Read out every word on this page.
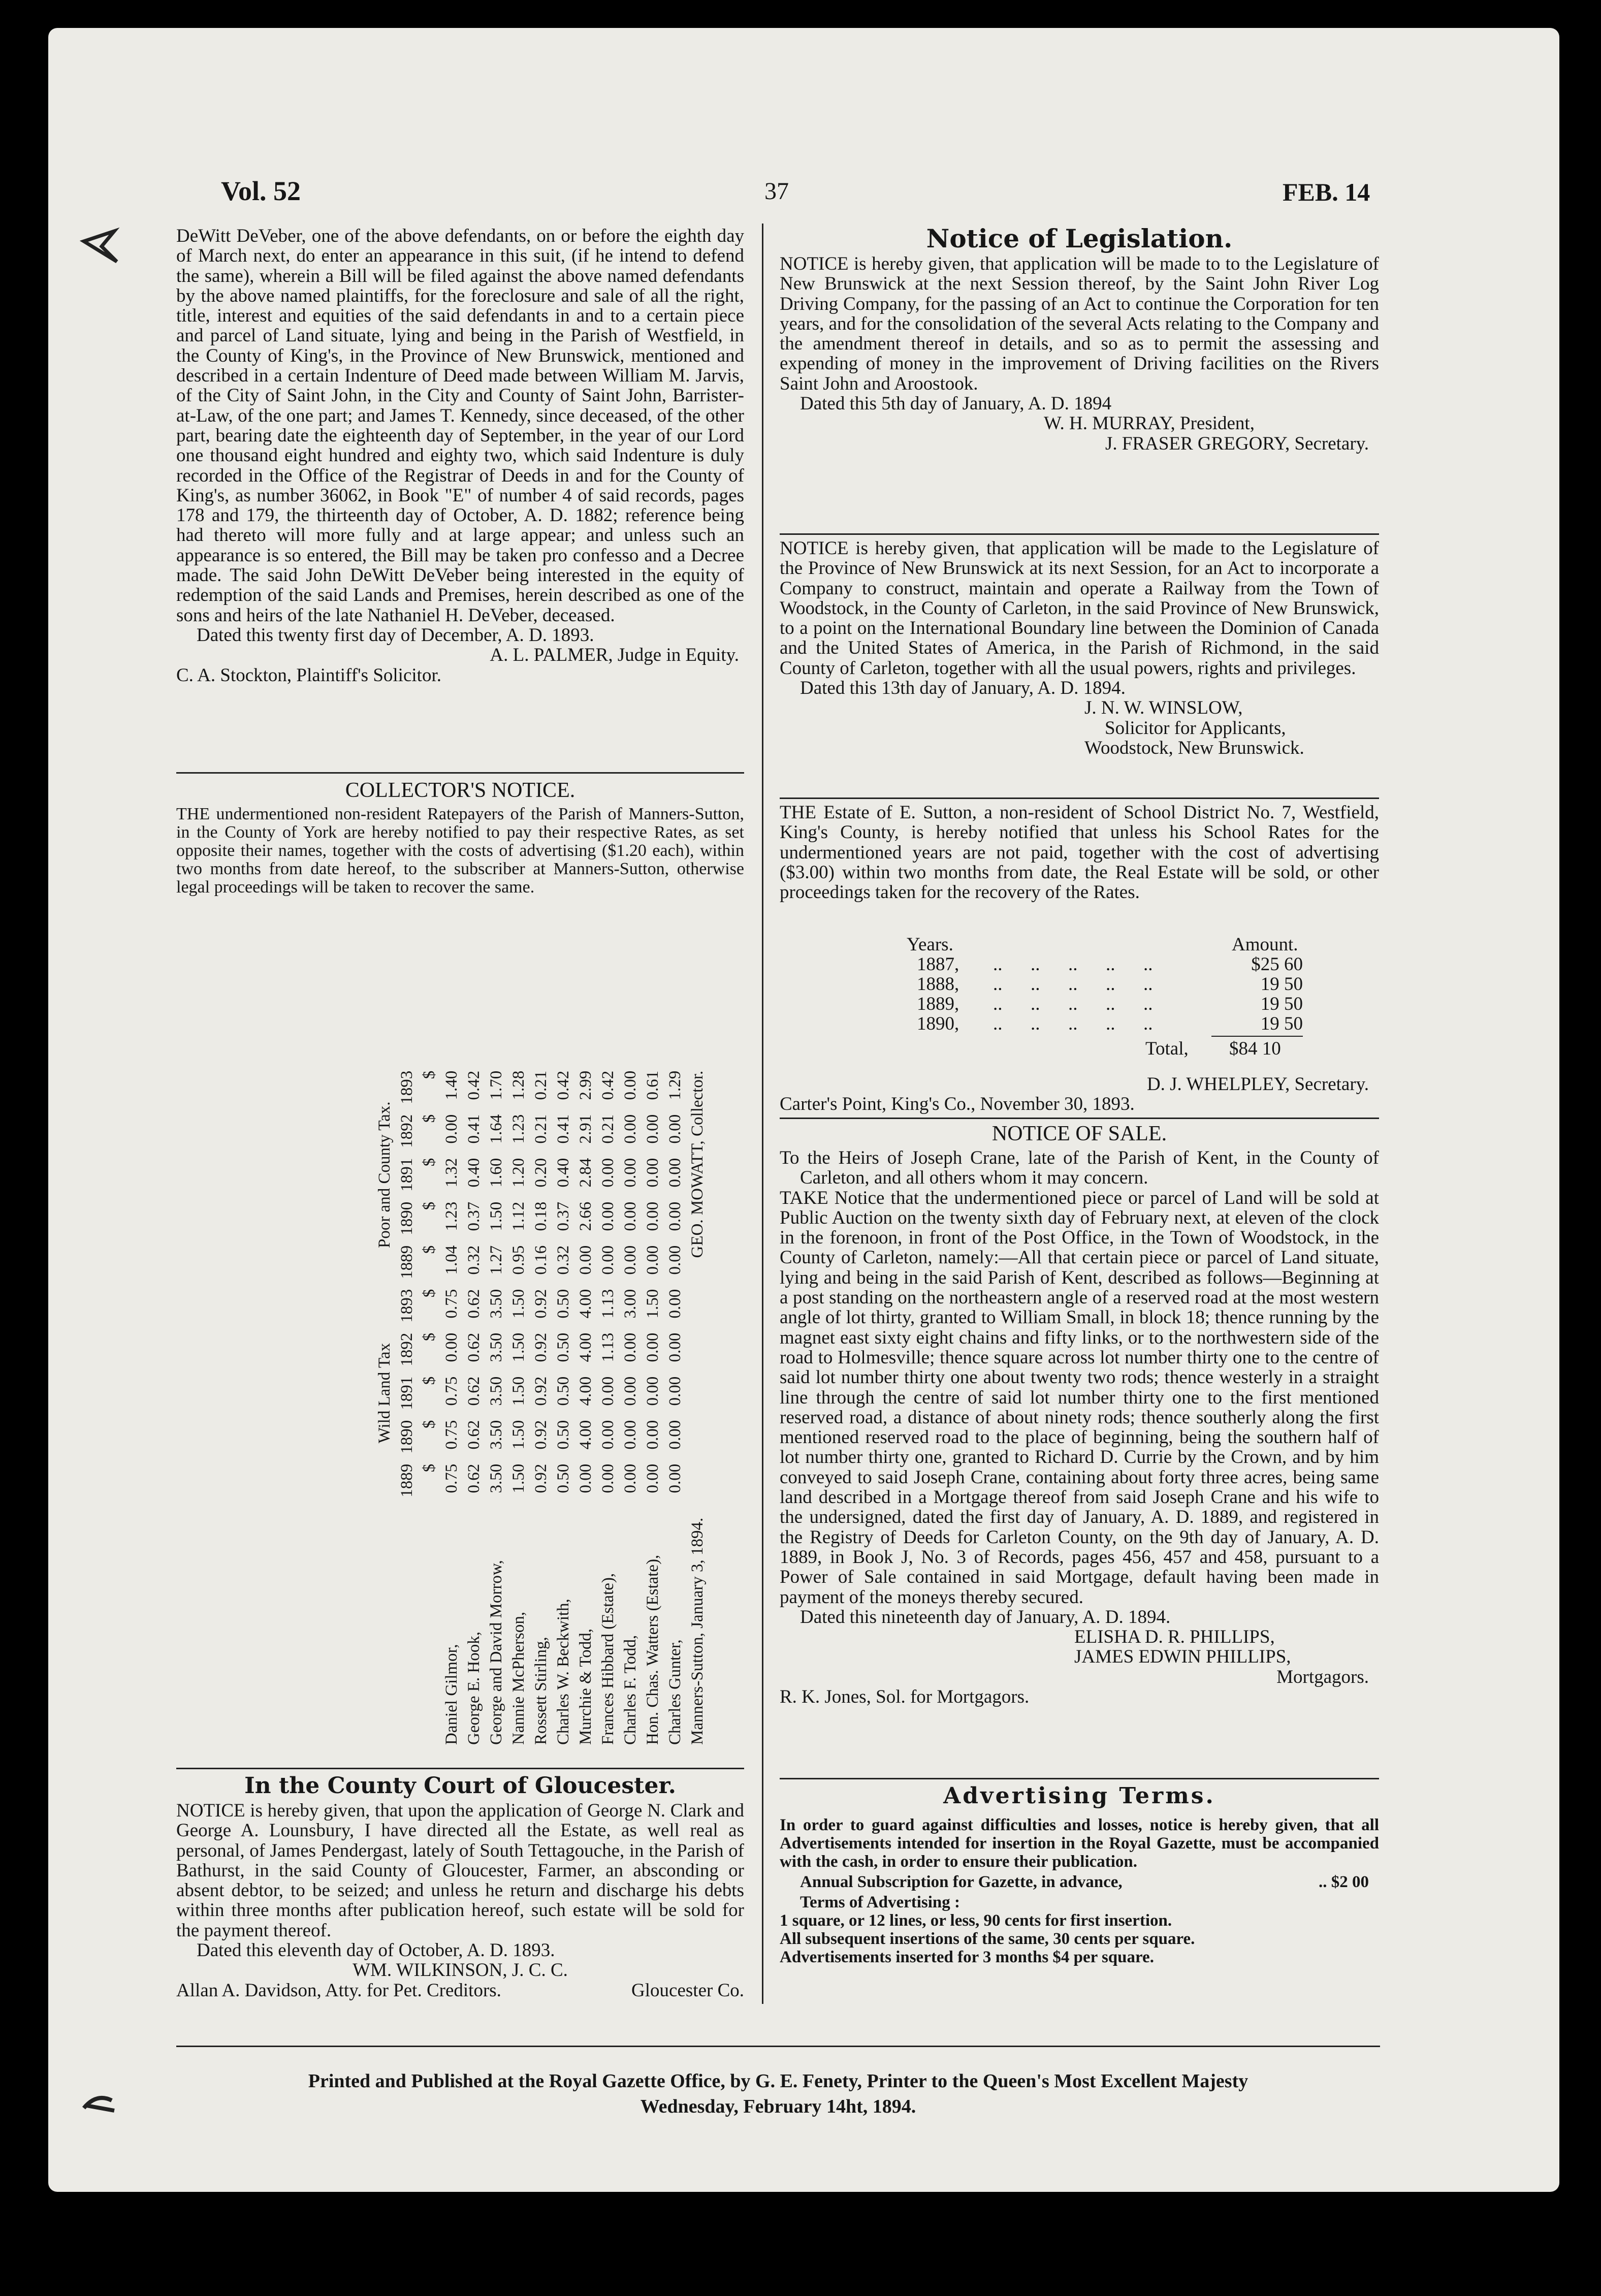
Vol. 52	37	FEB. 14

DeWitt DeVeber, one of the above defendants, on or before the eighth day of March next, do enter an appearance in this suit, (if he intend to defend the same), wherein a Bill will be filed against the above named defendants by the above named plaintiffs, for the foreclosure and sale of all the right, title, interest and equities of the said defendants in and to a certain piece and parcel of Land situate, lying and being in the Parish of Westfield, in the County of King's, in the Province of New Brunswick, mentioned and described in a certain Indenture of Deed made between William M. Jarvis, of the City of Saint John, in the City and County of Saint John, Barrister-at-Law, of the one part; and James T. Kennedy, since deceased, of the other part, bearing date the eighteenth day of September, in the year of our Lord one thousand eight hundred and eighty two, which said Indenture is duly recorded in the Office of the Registrar of Deeds in and for the County of King's, as number 36062, in Book "E" of number 4 of said records, pages 178 and 179, the thirteenth day of October, A. D. 1882; reference being had thereto will more fully and at large appear; and unless such an appearance is so entered, the Bill may be taken pro confesso and a Decree made. The said John DeWitt DeVeber being interested in the equity of redemption of the said Lands and Premises, herein described as one of the sons and heirs of the late Nathaniel H. DeVeber, deceased.

Dated this twenty first day of December, A. D. 1893.

A. L. PALMER, Judge in Equity.

C. A. Stockton, Plaintiff's Solicitor.

COLLECTOR'S NOTICE.
THE undermentioned non-resident Ratepayers of the Parish of Manners-Sutton, in the County of York are hereby notified to pay their respective Rates, as set opposite their names, together with the costs of advertising ($1.20 each), within two months from date hereof, to the subscriber at Manners-Sutton, otherwise legal proceedings will be taken to recover the same.
	Wild Land Tax					Poor and County Tax.				
	1889	1890	1891	1892	1893	1889	1890	1891	1892	1893
	$	$	$	$	$	$	$	$	$	$
Daniel Gilmor,	0.75	0.75	0.75	0.00	0.75	1.04	1.23	1.32	0.00	1.40
George E. Hook,	0.62	0.62	0.62	0.62	0.62	0.32	0.37	0.40	0.41	0.42
George and David Morrow,	3.50	3.50	3.50	3.50	3.50	1.27	1.50	1.60	1.64	1.70
Nannie McPherson,	1.50	1.50	1.50	1.50	1.50	0.95	1.12	1.20	1.23	1.28
Rossett Stirling,	0.92	0.92	0.92	0.92	0.92	0.16	0.18	0.20	0.21	0.21
Charles W. Beckwith,	0.50	0.50	0.50	0.50	0.50	0.32	0.37	0.40	0.41	0.42
Murchie & Todd,	0.00	4.00	4.00	4.00	4.00	0.00	2.66	2.84	2.91	2.99
Frances Hibbard (Estate),	0.00	0.00	0.00	1.13	1.13	0.00	0.00	0.00	0.21	0.42
Charles F. Todd,	0.00	0.00	0.00	0.00	3.00	0.00	0.00	0.00	0.00	0.00
Hon. Chas. Watters (Estate),	0.00	0.00	0.00	0.00	1.50	0.00	0.00	0.00	0.00	0.61
Charles Gunter,	0.00	0.00	0.00	0.00	0.00	0.00	0.00	0.00	0.00	1.29
Manners-Sutton, January 3, 1894.	GEO. MOWATT, Collector.									
In the County Court of Gloucester.

NOTICE is hereby given, that upon the application of George N. Clark and George A. Lounsbury, I have directed all the Estate, as well real as personal, of James Pendergast, lately of South Tettagouche, in the Parish of Bathurst, in the said County of Gloucester, Farmer, an absconding or absent debtor, to be seized; and unless he return and discharge his debts within three months after publication hereof, such estate will be sold for the payment thereof.

Dated this eleventh day of October, A. D. 1893.

WM. WILKINSON, J. C. C.

Allan A. Davidson, Atty. for Pet. Creditors.	Gloucester Co.

Notice of Legislation.

NOTICE is hereby given, that application will be made to to the Legislature of New Brunswick at the next Session thereof, by the Saint John River Log Driving Company, for the passing of an Act to continue the Corporation for ten years, and for the consolidation of the several Acts relating to the Company and the amendment thereof in details, and so as to permit the assessing and expending of money in the improvement of Driving facilities on the Rivers Saint John and Aroostook.

Dated this 5th day of January, A. D. 1894

W. H. MURRAY, President,

J. FRASER GREGORY, Secretary.

NOTICE is hereby given, that application will be made to the Legislature of the Province of New Brunswick at its next Session, for an Act to incorporate a Company to construct, maintain and operate a Railway from the Town of Woodstock, in the County of Carleton, in the said Province of New Brunswick, to a point on the International Boundary line between the Dominion of Canada and the United States of America, in the Parish of Richmond, in the said County of Carleton, together with all the usual powers, rights and privileges.

Dated this 13th day of January, A. D. 1894.

J. N. W. WINSLOW,

Solicitor for Applicants,

Woodstock, New Brunswick.

THE Estate of E. Sutton, a non-resident of School District No. 7, Westfield, King's County, is hereby notified that unless his School Rates for the undermentioned years are not paid, together with the cost of advertising ($3.00) within two months from date, the Real Estate will be sold, or other proceedings taken for the recovery of the Rates.

Years.	Amount.
1887, ..      ..      ..      ..      ..	$25 60
1888, ..      ..      ..      ..      ..	19 50
1889, ..      ..      ..      ..      ..	19 50
1890, ..      ..      ..      ..      ..	19 50
Total, $84 10
D. J. WHELPLEY, Secretary.
Carter's Point, King's Co., November 30, 1893.
NOTICE OF SALE.

To the Heirs of Joseph Crane, late of the Parish of Kent, in the County of Carleton, and all others whom it may concern.

TAKE Notice that the undermentioned piece or parcel of Land will be sold at Public Auction on the twenty sixth day of February next, at eleven of the clock in the forenoon, in front of the Post Office, in the Town of Woodstock, in the County of Carleton, namely:—All that certain piece or parcel of Land situate, lying and being in the said Parish of Kent, described as follows—Beginning at a post standing on the northeastern angle of a reserved road at the most western angle of lot thirty, granted to William Small, in block 18; thence running by the magnet east sixty eight chains and fifty links, or to the northwestern side of the road to Holmesville; thence square across lot number thirty one to the centre of said lot number thirty one about twenty two rods; thence westerly in a straight line through the centre of said lot number thirty one to the first mentioned reserved road, a distance of about ninety rods; thence southerly along the first mentioned reserved road to the place of beginning, being the southern half of lot number thirty one, granted to Richard D. Currie by the Crown, and by him conveyed to said Joseph Crane, containing about forty three acres, being same land described in a Mortgage thereof from said Joseph Crane and his wife to the undersigned, dated the first day of January, A. D. 1889, and registered in the Registry of Deeds for Carleton County, on the 9th day of January, A. D. 1889, in Book J, No. 3 of Records, pages 456, 457 and 458, pursuant to a Power of Sale contained in said Mortgage, default having been made in payment of the moneys thereby secured.

Dated this nineteenth day of January, A. D. 1894.

ELISHA D. R. PHILLIPS,

JAMES EDWIN PHILLIPS,

Mortgagors.

R. K. Jones, Sol. for Mortgagors.

Advertising Terms.
In order to guard against difficulties and losses, notice is hereby given, that all Advertisements intended for insertion in the Royal Gazette, must be accompanied with the cash, in order to ensure their publication.
Annual Subscription for Gazette, in advance,	.. $2 00
Terms of Advertising :
1 square, or 12 lines, or less, 90 cents for first insertion.
All subsequent insertions of the same, 30 cents per square.
Advertisements inserted for 3 months $4 per square.
Printed and Published at the Royal Gazette Office, by G. E. Fenety, Printer to the Queen's Most Excellent Majesty
Wednesday, February 14ht, 1894.
